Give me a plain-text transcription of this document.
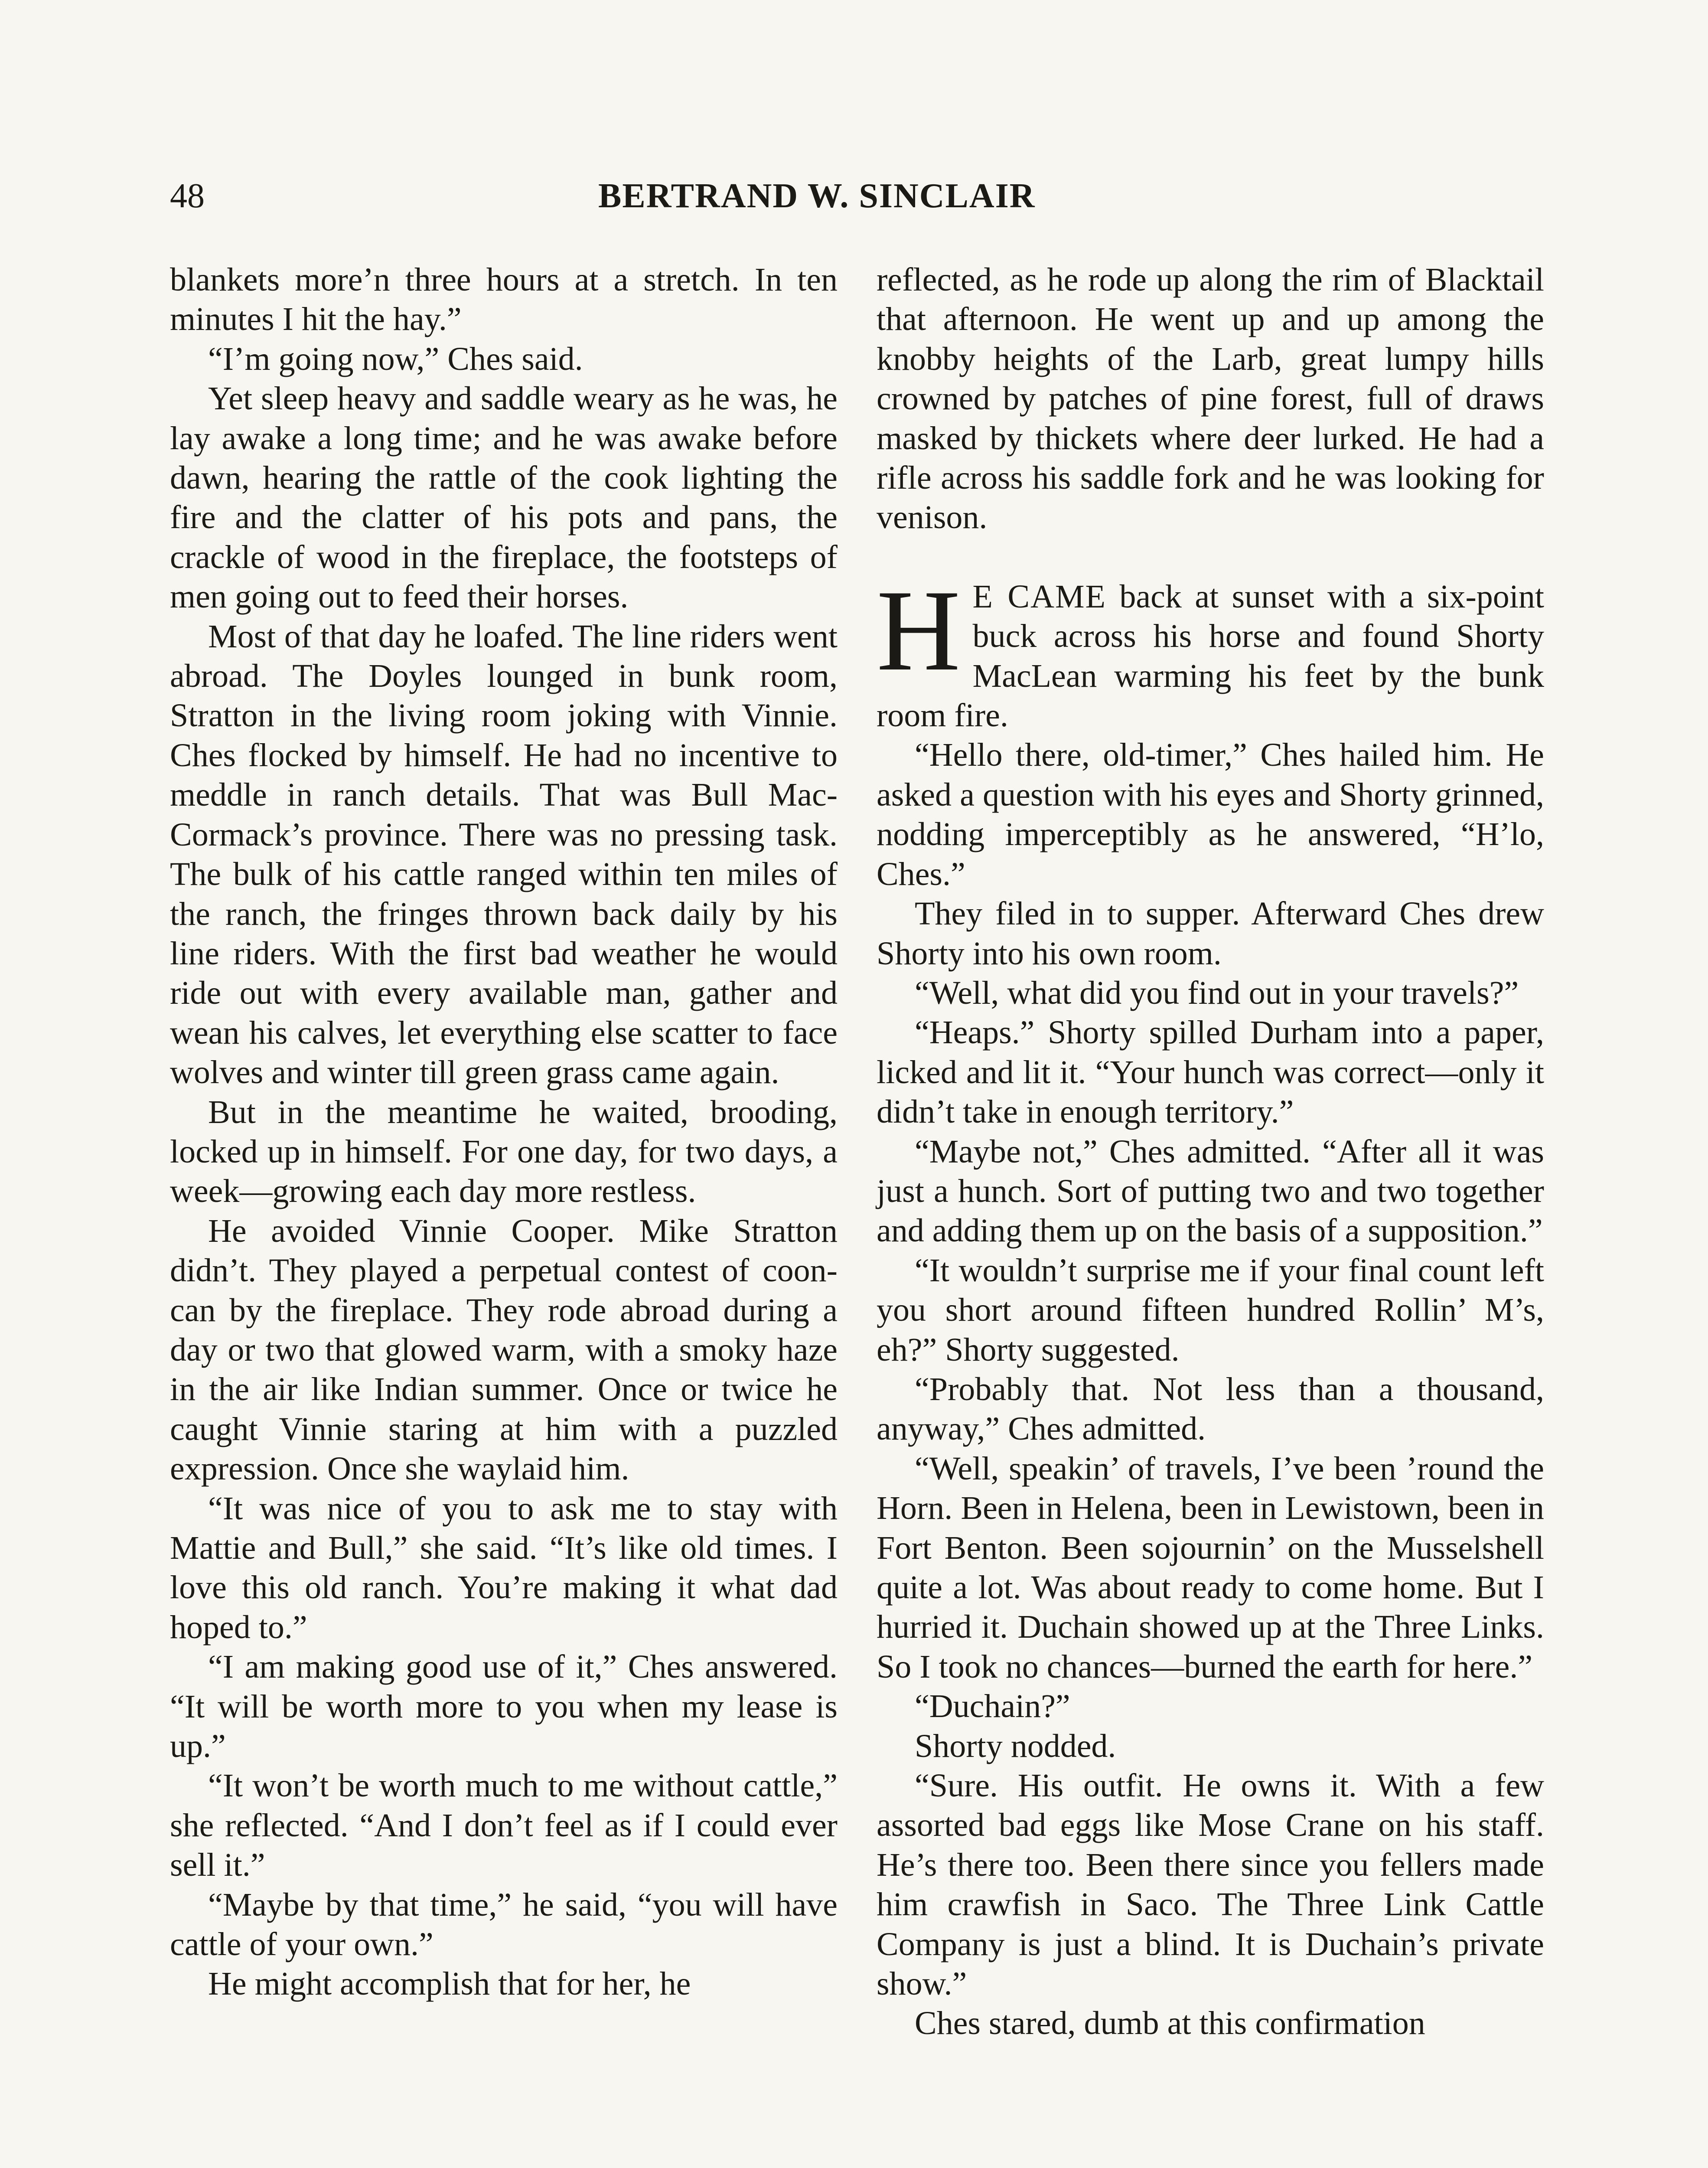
48	BERTRAND W. SINCLAIR

blankets more’n three hours at a stretch. In ten minutes I hit the hay.”

“I’m going now,” Ches said.

Yet sleep heavy and saddle weary as he was, he lay awake a long time; and he was awake before dawn, hearing the rattle of the cook lighting the fire and the clatter of his pots and pans, the crackle of wood in the fireplace, the footsteps of men going out to feed their horses.

Most of that day he loafed. The line riders went abroad. The Doyles lounged in bunk room, Stratton in the living room joking with Vinnie. Ches flocked by himself. He had no incentive to meddle in ranch details. That was Bull MacCormack’s province. There was no pressing task. The bulk of his cattle ranged within ten miles of the ranch, the fringes thrown back daily by his line riders. With the first bad weather he would ride out with every available man, gather and wean his calves, let everything else scatter to face wolves and winter till green grass came again.

But in the meantime he waited, brooding, locked up in himself. For one day, for two days, a week—growing each day more restless.

He avoided Vinnie Cooper. Mike Stratton didn’t. They played a perpetual contest of coon-can by the fireplace. They rode abroad during a day or two that glowed warm, with a smoky haze in the air like Indian summer. Once or twice he caught Vinnie staring at him with a puzzled expression. Once she waylaid him.

“It was nice of you to ask me to stay with Mattie and Bull,” she said. “It’s like old times. I love this old ranch. You’re making it what dad hoped to.”

“I am making good use of it,” Ches answered. “It will be worth more to you when my lease is up.”

“It won’t be worth much to me without cattle,” she reflected. “And I don’t feel as if I could ever sell it.”

“Maybe by that time,” he said, “you will have cattle of your own.”

He might accomplish that for her, he

reflected, as he rode up along the rim of Blacktail that afternoon. He went up and up among the knobby heights of the Larb, great lumpy hills crowned by patches of pine forest, full of draws masked by thickets where deer lurked. He had a rifle across his saddle fork and he was looking for venison.

H E CAME back at sunset with a six-point buck across his horse and found Shorty MacLean warming his feet by the bunk room fire.

“Hello there, old-timer,” Ches hailed him. He asked a question with his eyes and Shorty grinned, nodding imperceptibly as he answered, “H’lo, Ches.”

They filed in to supper. Afterward Ches drew Shorty into his own room.

“Well, what did you find out in your travels?”

“Heaps.” Shorty spilled Durham into a paper, licked and lit it. “Your hunch was correct—only it didn’t take in enough territory.”

“Maybe not,” Ches admitted. “After all it was just a hunch. Sort of putting two and two together and adding them up on the basis of a supposition.”

“It wouldn’t surprise me if your final count left you short around fifteen hundred Rollin’ M’s, eh?” Shorty suggested.

“Probably that. Not less than a thousand, anyway,” Ches admitted.

“Well, speakin’ of travels, I’ve been ’round the Horn. Been in Helena, been in Lewistown, been in Fort Benton. Been sojournin’ on the Musselshell quite a lot. Was about ready to come home. But I hurried it. Duchain showed up at the Three Links. So I took no chances—burned the earth for here.”

“Duchain?”

Shorty nodded.

“Sure. His outfit. He owns it. With a few assorted bad eggs like Mose Crane on his staff. He’s there too. Been there since you fellers made him crawfish in Saco. The Three Link Cattle Company is just a blind. It is Duchain’s private show.”

Ches stared, dumb at this confirmation
